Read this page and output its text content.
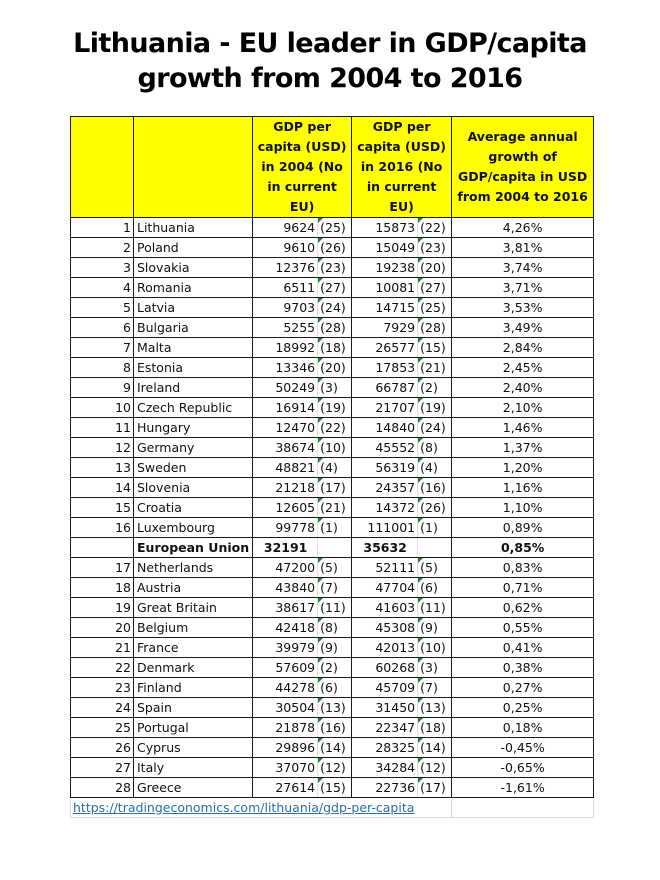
Lithuania - EU leader in GDP/capita
growth from 2004 to 2016
		GDP per capita (USD) in 2004 (No in current EU)		GDP per capita (USD) in 2016 (No in current EU)		Average annual growth of GDP/capita in USD from 2004 to 2016
1	Lithuania	9624	(25)	15873	(22)	4,26%
2	Poland	9610	(26)	15049	(23)	3,81%
3	Slovakia	12376	(23)	19238	(20)	3,74%
4	Romania	6511	(27)	10081	(27)	3,71%
5	Latvia	9703	(24)	14715	(25)	3,53%
6	Bulgaria	5255	(28)	7929	(28)	3,49%
7	Malta	18992	(18)	26577	(15)	2,84%
8	Estonia	13346	(20)	17853	(21)	2,45%
9	Ireland	50249	(3)	66787	(2)	2,40%
10	Czech Republic	16914	(19)	21707	(19)	2,10%
11	Hungary	12470	(22)	14840	(24)	1,46%
12	Germany	38674	(10)	45552	(8)	1,37%
13	Sweden	48821	(4)	56319	(4)	1,20%
14	Slovenia	21218	(17)	24357	(16)	1,16%
15	Croatia	12605	(21)	14372	(26)	1,10%
16	Luxembourg	99778	(1)	111001	(1)	0,89%
	European Union	32191		35632		0,85%
17	Netherlands	47200	(5)	52111	(5)	0,83%
18	Austria	43840	(7)	47704	(6)	0,71%
19	Great Britain	38617	(11)	41603	(11)	0,62%
20	Belgium	42418	(8)	45308	(9)	0,55%
21	France	39979	(9)	42013	(10)	0,41%
22	Denmark	57609	(2)	60268	(3)	0,38%
23	Finland	44278	(6)	45709	(7)	0,27%
24	Spain	30504	(13)	31450	(13)	0,25%
25	Portugal	21878	(16)	22347	(18)	0,18%
26	Cyprus	29896	(14)	28325	(14)	-0,45%
27	Italy	37070	(12)	34284	(12)	-0,65%
28	Greece	27614	(15)	22736	(17)	-1,61%
https://tradingeconomics.com/lithuania/gdp-per-capita						
